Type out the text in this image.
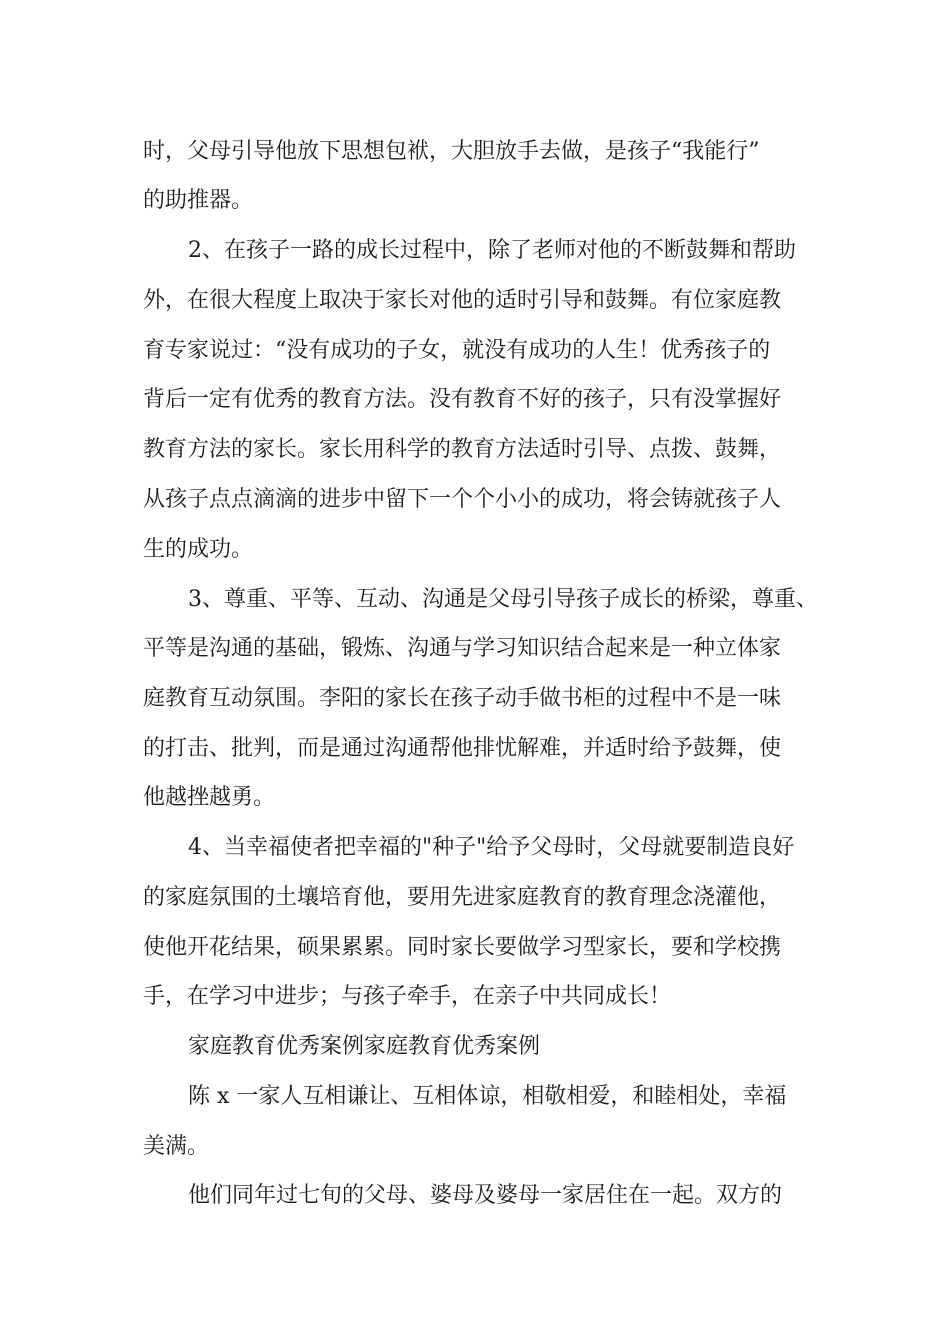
时，父母引导他放下思想包袱，大胆放手去做，是孩子“我能行”
的助推器。
2、在孩子一路的成长过程中，除了老师对他的不断鼓舞和帮助
外，在很大程度上取决于家长对他的适时引导和鼓舞。有位家庭教
育专家说过：“没有成功的子女，就没有成功的人生！优秀孩子的
背后一定有优秀的教育方法。没有教育不好的孩子，只有没掌握好
教育方法的家长。家长用科学的教育方法适时引导、点拨、鼓舞，
从孩子点点滴滴的进步中留下一个个小小的成功，将会铸就孩子人
生的成功。
3、尊重、平等、互动、沟通是父母引导孩子成长的桥梁，尊重、
平等是沟通的基础，锻炼、沟通与学习知识结合起来是一种立体家
庭教育互动氛围。李阳的家长在孩子动手做书柜的过程中不是一味
的打击、批判，而是通过沟通帮他排忧解难，并适时给予鼓舞，使
他越挫越勇。
4、当幸福使者把幸福的"种子"给予父母时，父母就要制造良好
的家庭氛围的土壤培育他，要用先进家庭教育的教育理念浇灌他，
使他开花结果，硕果累累。同时家长要做学习型家长，要和学校携
手，在学习中进步；与孩子牵手，在亲子中共同成长！
家庭教育优秀案例家庭教育优秀案例
陈 x 一家人互相谦让、互相体谅，相敬相爱，和睦相处，幸福
美满。
他们同年过七旬的父母、婆母及婆母一家居住在一起。双方的
